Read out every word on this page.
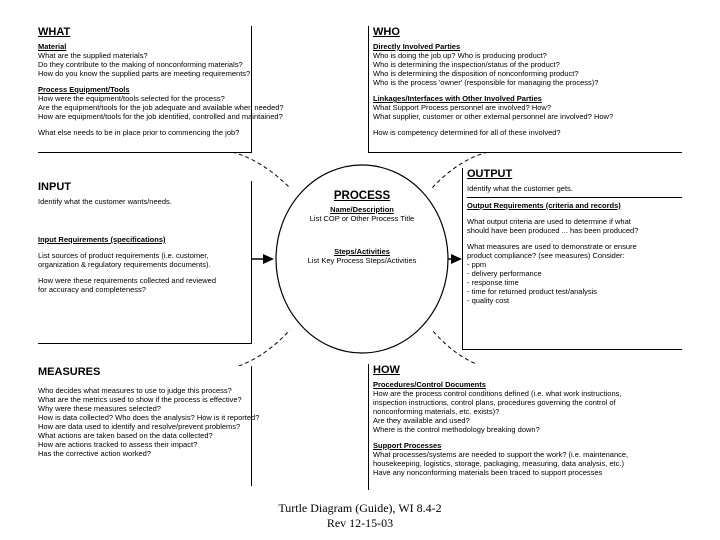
WHAT
Material
What are the supplied materials?
Do they contribute to the making of nonconforming materials?
How do you know the supplied parts are meeting requirements?
Process Equipment/Tools
How were the equipment/tools selected for the process?
Are the equipment/tools for the job adequate and available when needed?
How are equipment/tools for the job identified, controlled and maintained?
What else needs to be in place prior to commencing the job?
WHO
Directly Involved Parties
Who is doing the job up? Who is producing product?
Who is determining the inspection/status of the product?
Who is determining the disposition of nonconforming product?
Who is the process 'owner' (responsible for managing the process)?
Linkages/Interfaces with Other Involved Parties
What Support Process personnel are involved? How?
What supplier, customer or other external personnel are involved? How?
How is competency determined for all of these involved?
INPUT
Identify what the customer wants/needs.
Input Requirements (specifications)
List sources of product requirements (i.e. customer,
organization & regulatory requirements documents).
How were these requirements collected and reviewed
for accuracy and completeness?
OUTPUT
Identify what the customer gets.
Output Requirements (criteria and records)
What output criteria are used to determine if what
should have been produced ... has been produced?
What measures are used to demonstrate or ensure
product compliance? (see measures) Consider:
- ppm
- delivery performance
- response time
- time for returned product test/analysis
- quality cost
MEASURES
Who decides what measures to use to judge this process?
What are the metrics used to show if the process is effective?
Why were these measures selected?
How is data collected? Who does the analysis? How is it reported?
How are data used to identify and resolve/prevent problems?
What actions are taken based on the data collected?
How are actions tracked to assess their impact?
Has the corrective action worked?
HOW
Procedures/Control Documents
How are the process control conditions defined (i.e. what work instructions,
inspection instructions, control plans, procedures governing the control of
nonconforming materials, etc. exists)?
Are they available and used?
Where is the control methodology breaking down?
Support Processes
What processes/systems are needed to support the work? (i.e. maintenance,
housekeeping, logistics, storage, packaging, measuring, data analysis, etc.)
Have any nonconforming materials been traced to support processes
PROCESS
Name/Description
List COP or Other Process Title
Steps/Activities
List Key Process Steps/Activities
Turtle Diagram (Guide), WI 8.4-2
Rev 12-15-03
